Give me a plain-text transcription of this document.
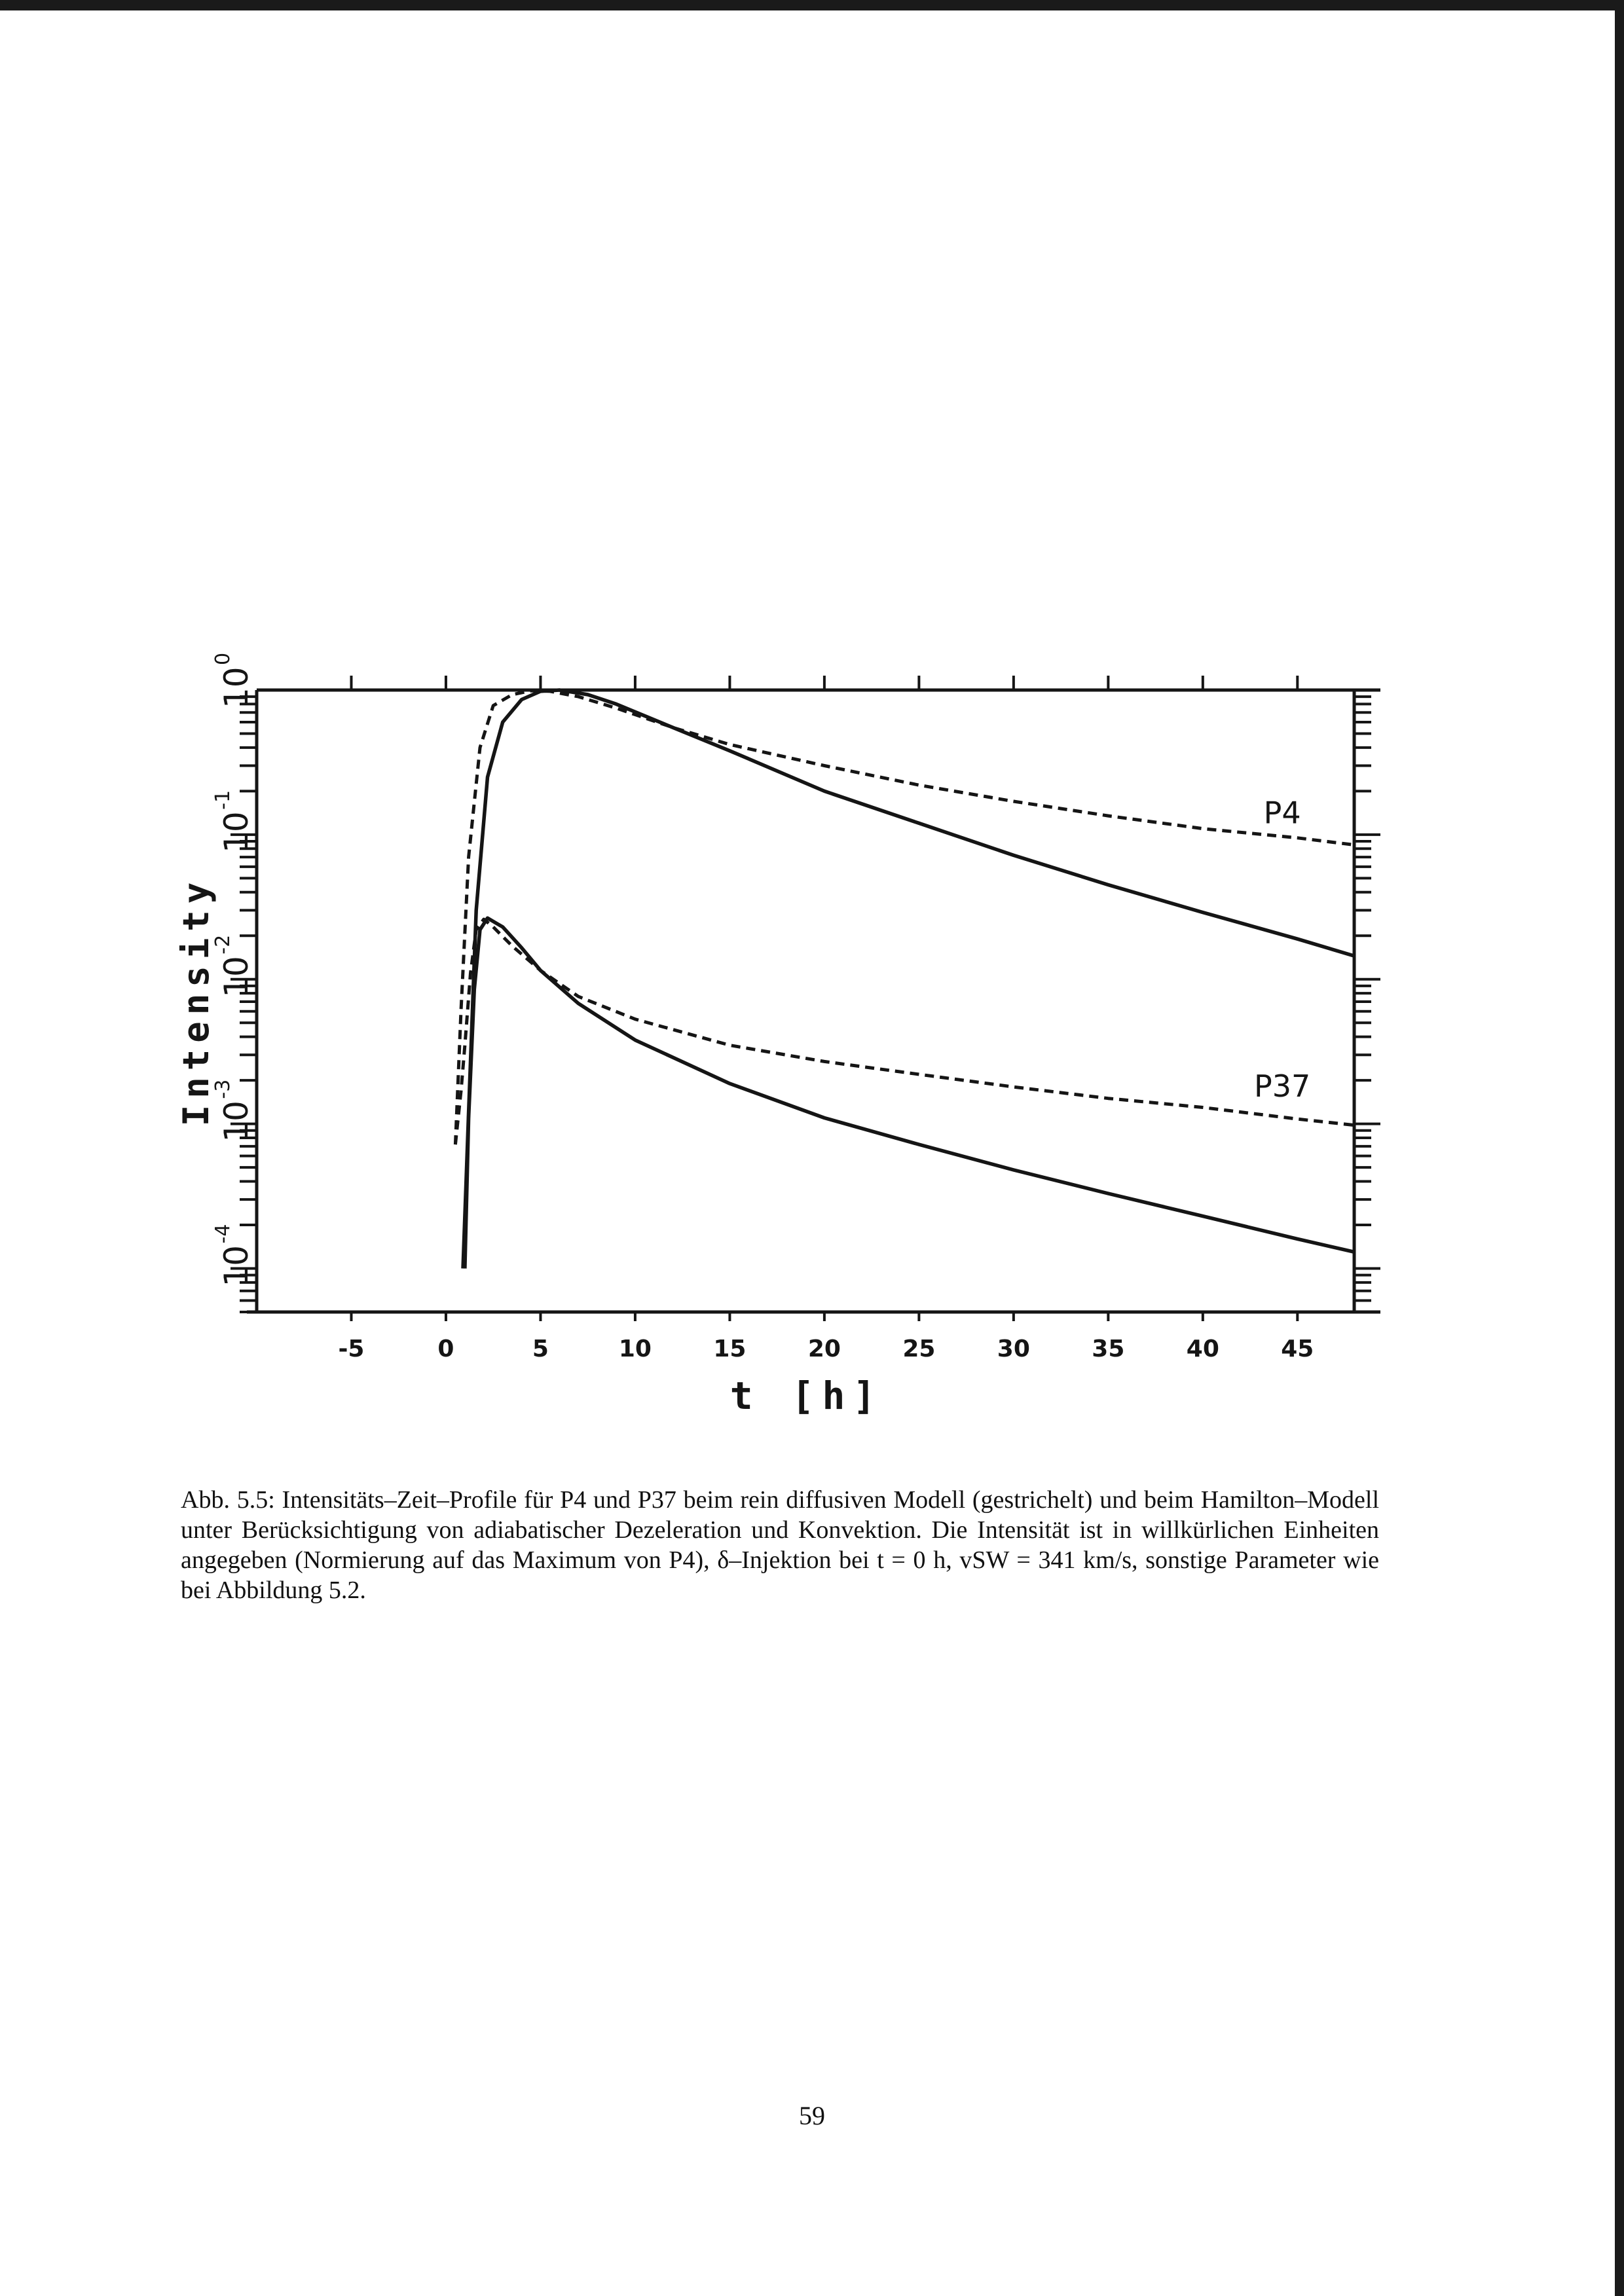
-5	0	5	10	15	20	25	30	35	40	45
10
-4
10
-3
10
-2
10
-1
10
0
Intensity
t [h]
P4
P37
Abb. 5.5: Intensitäts–Zeit–Profile für P4 und P37 beim rein diffusiven Modell (gestrichelt) und beim Hamilton–Modell unter Berücksichtigung von adiabatischer Dezeleration und Konvektion. Die Intensität ist in willkürlichen Einheiten angegeben (Normierung auf das Maximum von P4), δ–Injektion bei t = 0 h, vSW = 341 km/s, sonstige Parameter wie bei Abbildung 5.2.
59
